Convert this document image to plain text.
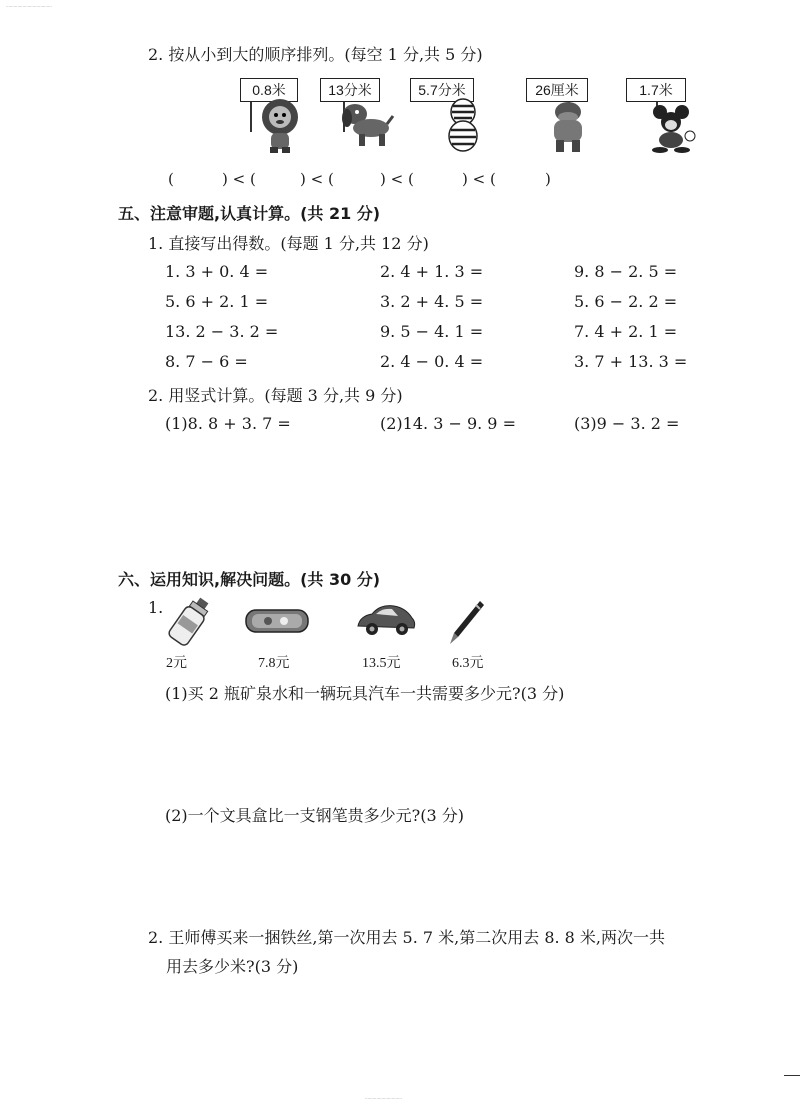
····································
2. 按从小到大的顺序排列。(每空 1 分,共 5 分)
0.8米	13分米	5.7分米	26厘米	1.7米
(	) < (	) < (	) < (	) < (	)
五、注意审题,认真计算。(共 21 分)
1. 直接写出得数。(每题 1 分,共 12 分)
1. 3 + 0. 4 =	2. 4 + 1. 3 =	9. 8 − 2. 5 =
5. 6 + 2. 1 =	3. 2 + 4. 5 =	5. 6 − 2. 2 =
13. 2 − 3. 2 =	9. 5 − 4. 1 =	7. 4 + 2. 1 =
8. 7 − 6 =	2. 4 − 0. 4 =	3. 7 + 13. 3 =
2. 用竖式计算。(每题 3 分,共 9 分)
(1)8. 8 + 3. 7 =	(2)14. 3 − 9. 9 =	(3)9 − 3. 2 =
六、运用知识,解决问题。(共 30 分)
1.
2元	7.8元	13.5元	6.3元
(1)买 2 瓶矿泉水和一辆玩具汽车一共需要多少元?(3 分)
(2)一个文具盒比一支钢笔贵多少元?(3 分)
2. 王师傅买来一捆铁丝,第一次用去 5. 7 米,第二次用去 8. 8 米,两次一共
用去多少米?(3 分)
·····························
